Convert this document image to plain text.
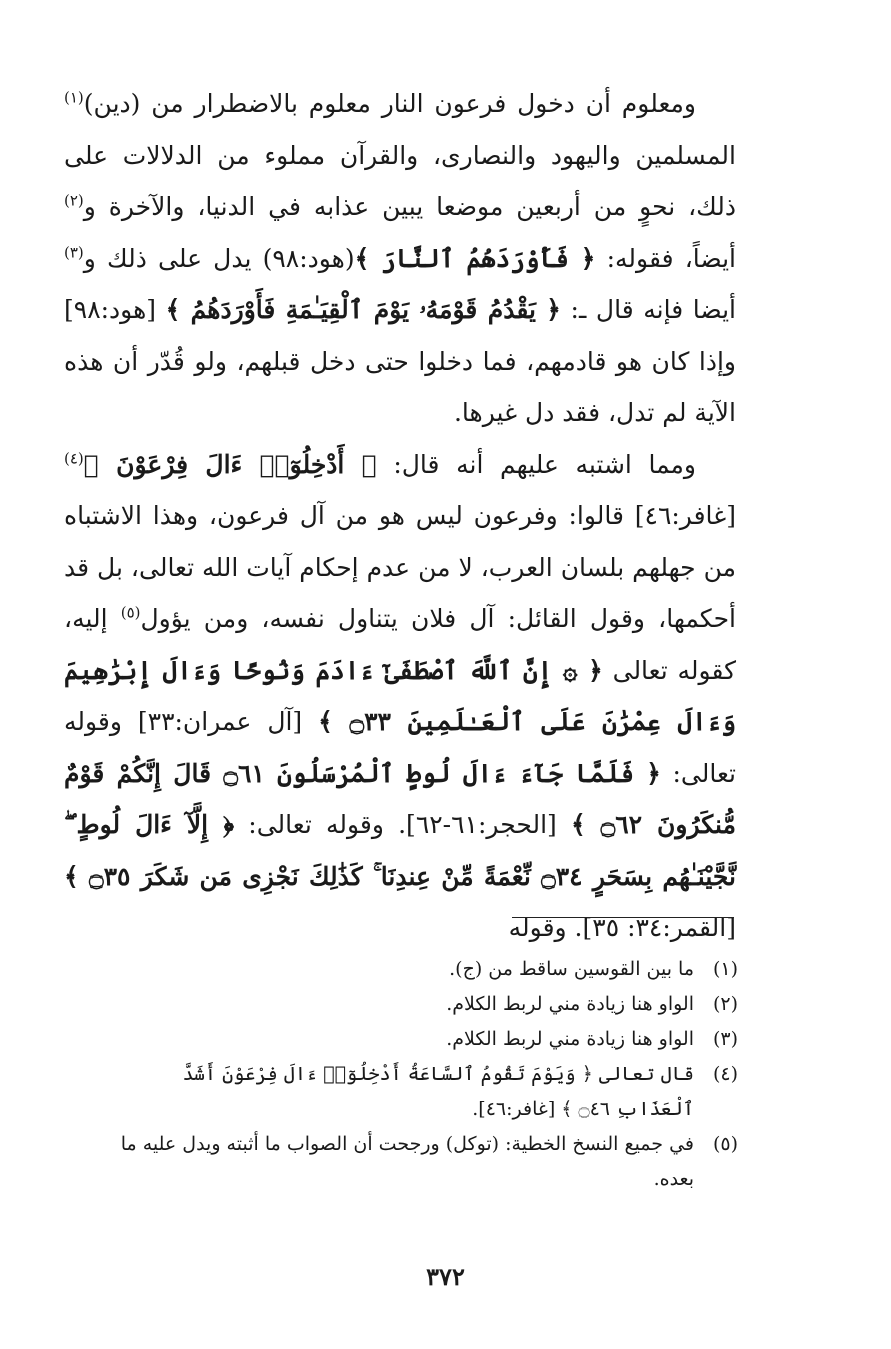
ومعلوم أن دخول فرعون النار معلوم بالاضطرار من (دين)$^{(١)}$ المسلمين واليهود والنصارى، والقرآن مملوء من الدلالات على ذلك، نحوٍ من أربعين موضعا يبين عذابه في الدنيا، والآخرة و$^{(٢)}$ أيضاً، فقوله: ﴿ فَأَوْرَدَهُمُ ٱلنَّارَ ﴾(هود:٩٨) يدل على ذلك و$^{(٣)}$ أيضا فإنه قال ـ: ﴿ يَقْدُمُ قَوْمَهُۥ يَوْمَ ٱلْقِيَـٰمَةِ فَأَوْرَدَهُمُ ﴾ [هود:٩٨] وإذا كان هو قادمهم، فما دخلوا حتى دخل قبلهم، ولو قُدّر أن هذه الآية لم تدل، فقد دل غيرها.

ومما اشتبه عليهم أنه قال: ﴿ أَدْخِلُوٓا۟ ءَالَ فِرْعَوْنَ ﴾$^{(٤)}$ [غافر:٤٦] قالوا: وفرعون ليس هو من آل فرعون، وهذا الاشتباه من جهلهم بلسان العرب، لا من عدم إحكام آيات الله تعالى، بل قد أحكمها، وقول القائل: آل فلان يتناول نفسه، ومن يؤول$^{(٥)}$ إليه، كقوله تعالى ﴿ ۞ إِنَّ ٱللَّهَ ٱصْطَفَىٰٓ ءَادَمَ وَنُوحًا وَءَالَ إِبْرَٰهِيمَ وَءَالَ عِمْرَٰنَ عَلَى ٱلْعَـٰلَمِينَ ۝٣٣ ﴾ [آل عمران:٣٣] وقوله تعالى: ﴿ فَلَمَّا جَآءَ ءَالَ لُوطٍ ٱلْمُرْسَلُونَ ۝٦١ قَالَ إِنَّكُمْ قَوْمٌ مُّنكَرُونَ ۝٦٢ ﴾ [الحجر:٦١-٦٢]. وقوله تعالى: ﴿ إِلَّآ ءَالَ لُوطٍ ۖ نَّجَّيْنَـٰهُم بِسَحَرٍ ۝٣٤ نِّعْمَةً مِّنْ عِندِنَا ۚ كَذَٰلِكَ نَجْزِى مَن شَكَرَ ۝٣٥ ﴾ [القمر:٣٤: ٣٥]. وقوله

(١)
ما بين القوسين ساقط من (ج).
(٢)
الواو هنا زيادة مني لربط الكلام.
(٣)
الواو هنا زيادة مني لربط الكلام.
(٤)
قال تعالى ﴿ وَيَوْمَ تَقُومُ ٱلسَّاعَةُ أَدْخِلُوٓا۟ ءَالَ فِرْعَوْنَ أَشَدَّ ٱلْعَذَابِ ۝٤٦ ﴾ [غافر:٤٦].
(٥)
في جميع النسخ الخطية: (توكل) ورجحت أن الصواب ما أثبته ويدل عليه ما بعده.
٣٧٢
